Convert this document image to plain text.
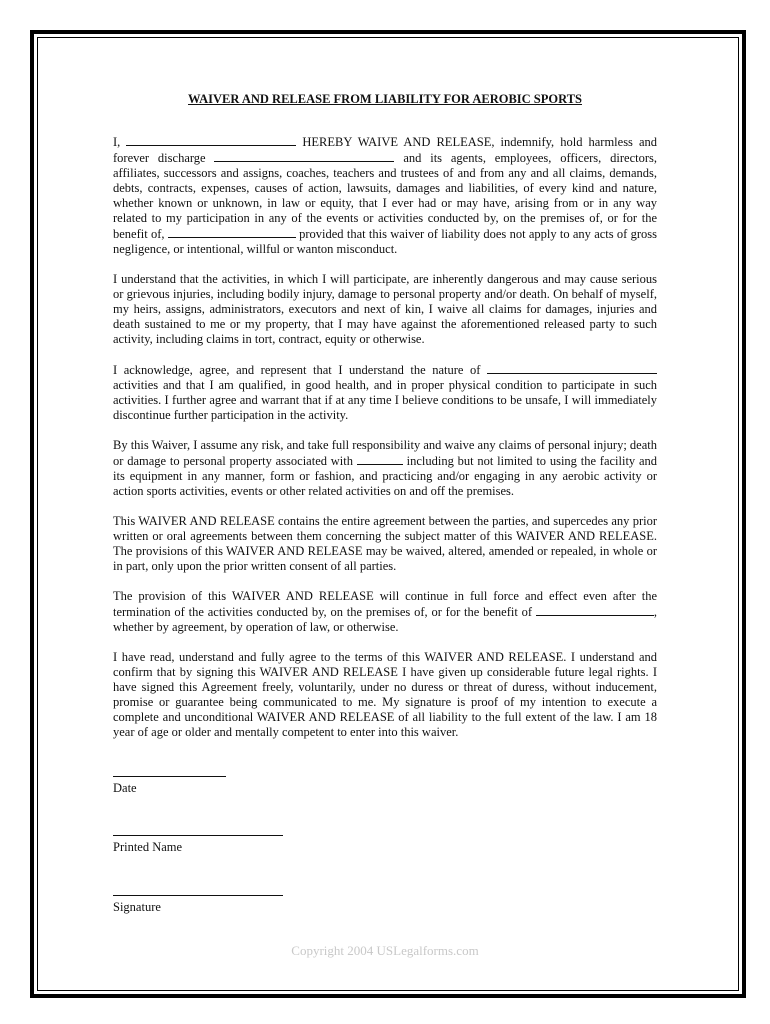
WAIVER AND RELEASE FROM LIABILITY FOR AEROBIC SPORTS

I,	HEREBY WAIVE AND RELEASE, indemnify, hold harmless and forever discharge	and its agents, employees, officers, directors, affiliates, successors and assigns, coaches, teachers and trustees of and from any and all claims, demands, debts, contracts, expenses, causes of action, lawsuits, damages and liabilities, of every kind and nature, whether known or unknown, in law or equity, that I ever had or may have, arising from or in any way related to my participation in any of the events or activities conducted by, on the premises of, or for the benefit of,	provided that this waiver of liability does not apply to any acts of gross negligence, or intentional, willful or wanton misconduct.

I understand that the activities, in which I will participate, are inherently dangerous and may cause serious or grievous injuries, including bodily injury, damage to personal property and/or death. On behalf of myself, my heirs, assigns, administrators, executors and next of kin, I waive all claims for damages, injuries and death sustained to me or my property, that I may have against the aforementioned released party to such activity, including claims in tort, contract, equity or otherwise.

I acknowledge, agree, and represent that I understand the nature of  activities and that I am qualified, in good health, and in proper physical condition to participate in such activities. I further agree and warrant that if at any time I believe conditions to be unsafe, I will immediately discontinue further participation in the activity.

By this Waiver, I assume any risk, and take full responsibility and waive any claims of personal injury; death or damage to personal property associated with	including but not limited to using the facility and its equipment in any manner, form or fashion, and practicing and/or engaging in any aerobic activity or action sports activities, events or other related activities on and off the premises.

This WAIVER AND RELEASE contains the entire agreement between the parties, and supercedes any prior written or oral agreements between them concerning the subject matter of this WAIVER AND RELEASE. The provisions of this WAIVER AND RELEASE may be waived, altered, amended or repealed, in whole or in part, only upon the prior written consent of all parties.

The provision of this WAIVER AND RELEASE will continue in full force and effect even after the termination of the activities conducted by, on the premises of, or for the benefit of	, whether by agreement, by operation of law, or otherwise.

I have read, understand and fully agree to the terms of this WAIVER AND RELEASE. I understand and confirm that by signing this WAIVER AND RELEASE I have given up considerable future legal rights. I have signed this Agreement freely, voluntarily, under no duress or threat of duress, without inducement, promise or guarantee being communicated to me. My signature is proof of my intention to execute a complete and unconditional WAIVER AND RELEASE of all liability to the full extent of the law. I am 18 year of age or older and mentally competent to enter into this waiver.

Date
Printed Name
Signature
Copyright 2004 USLegalforms.com
